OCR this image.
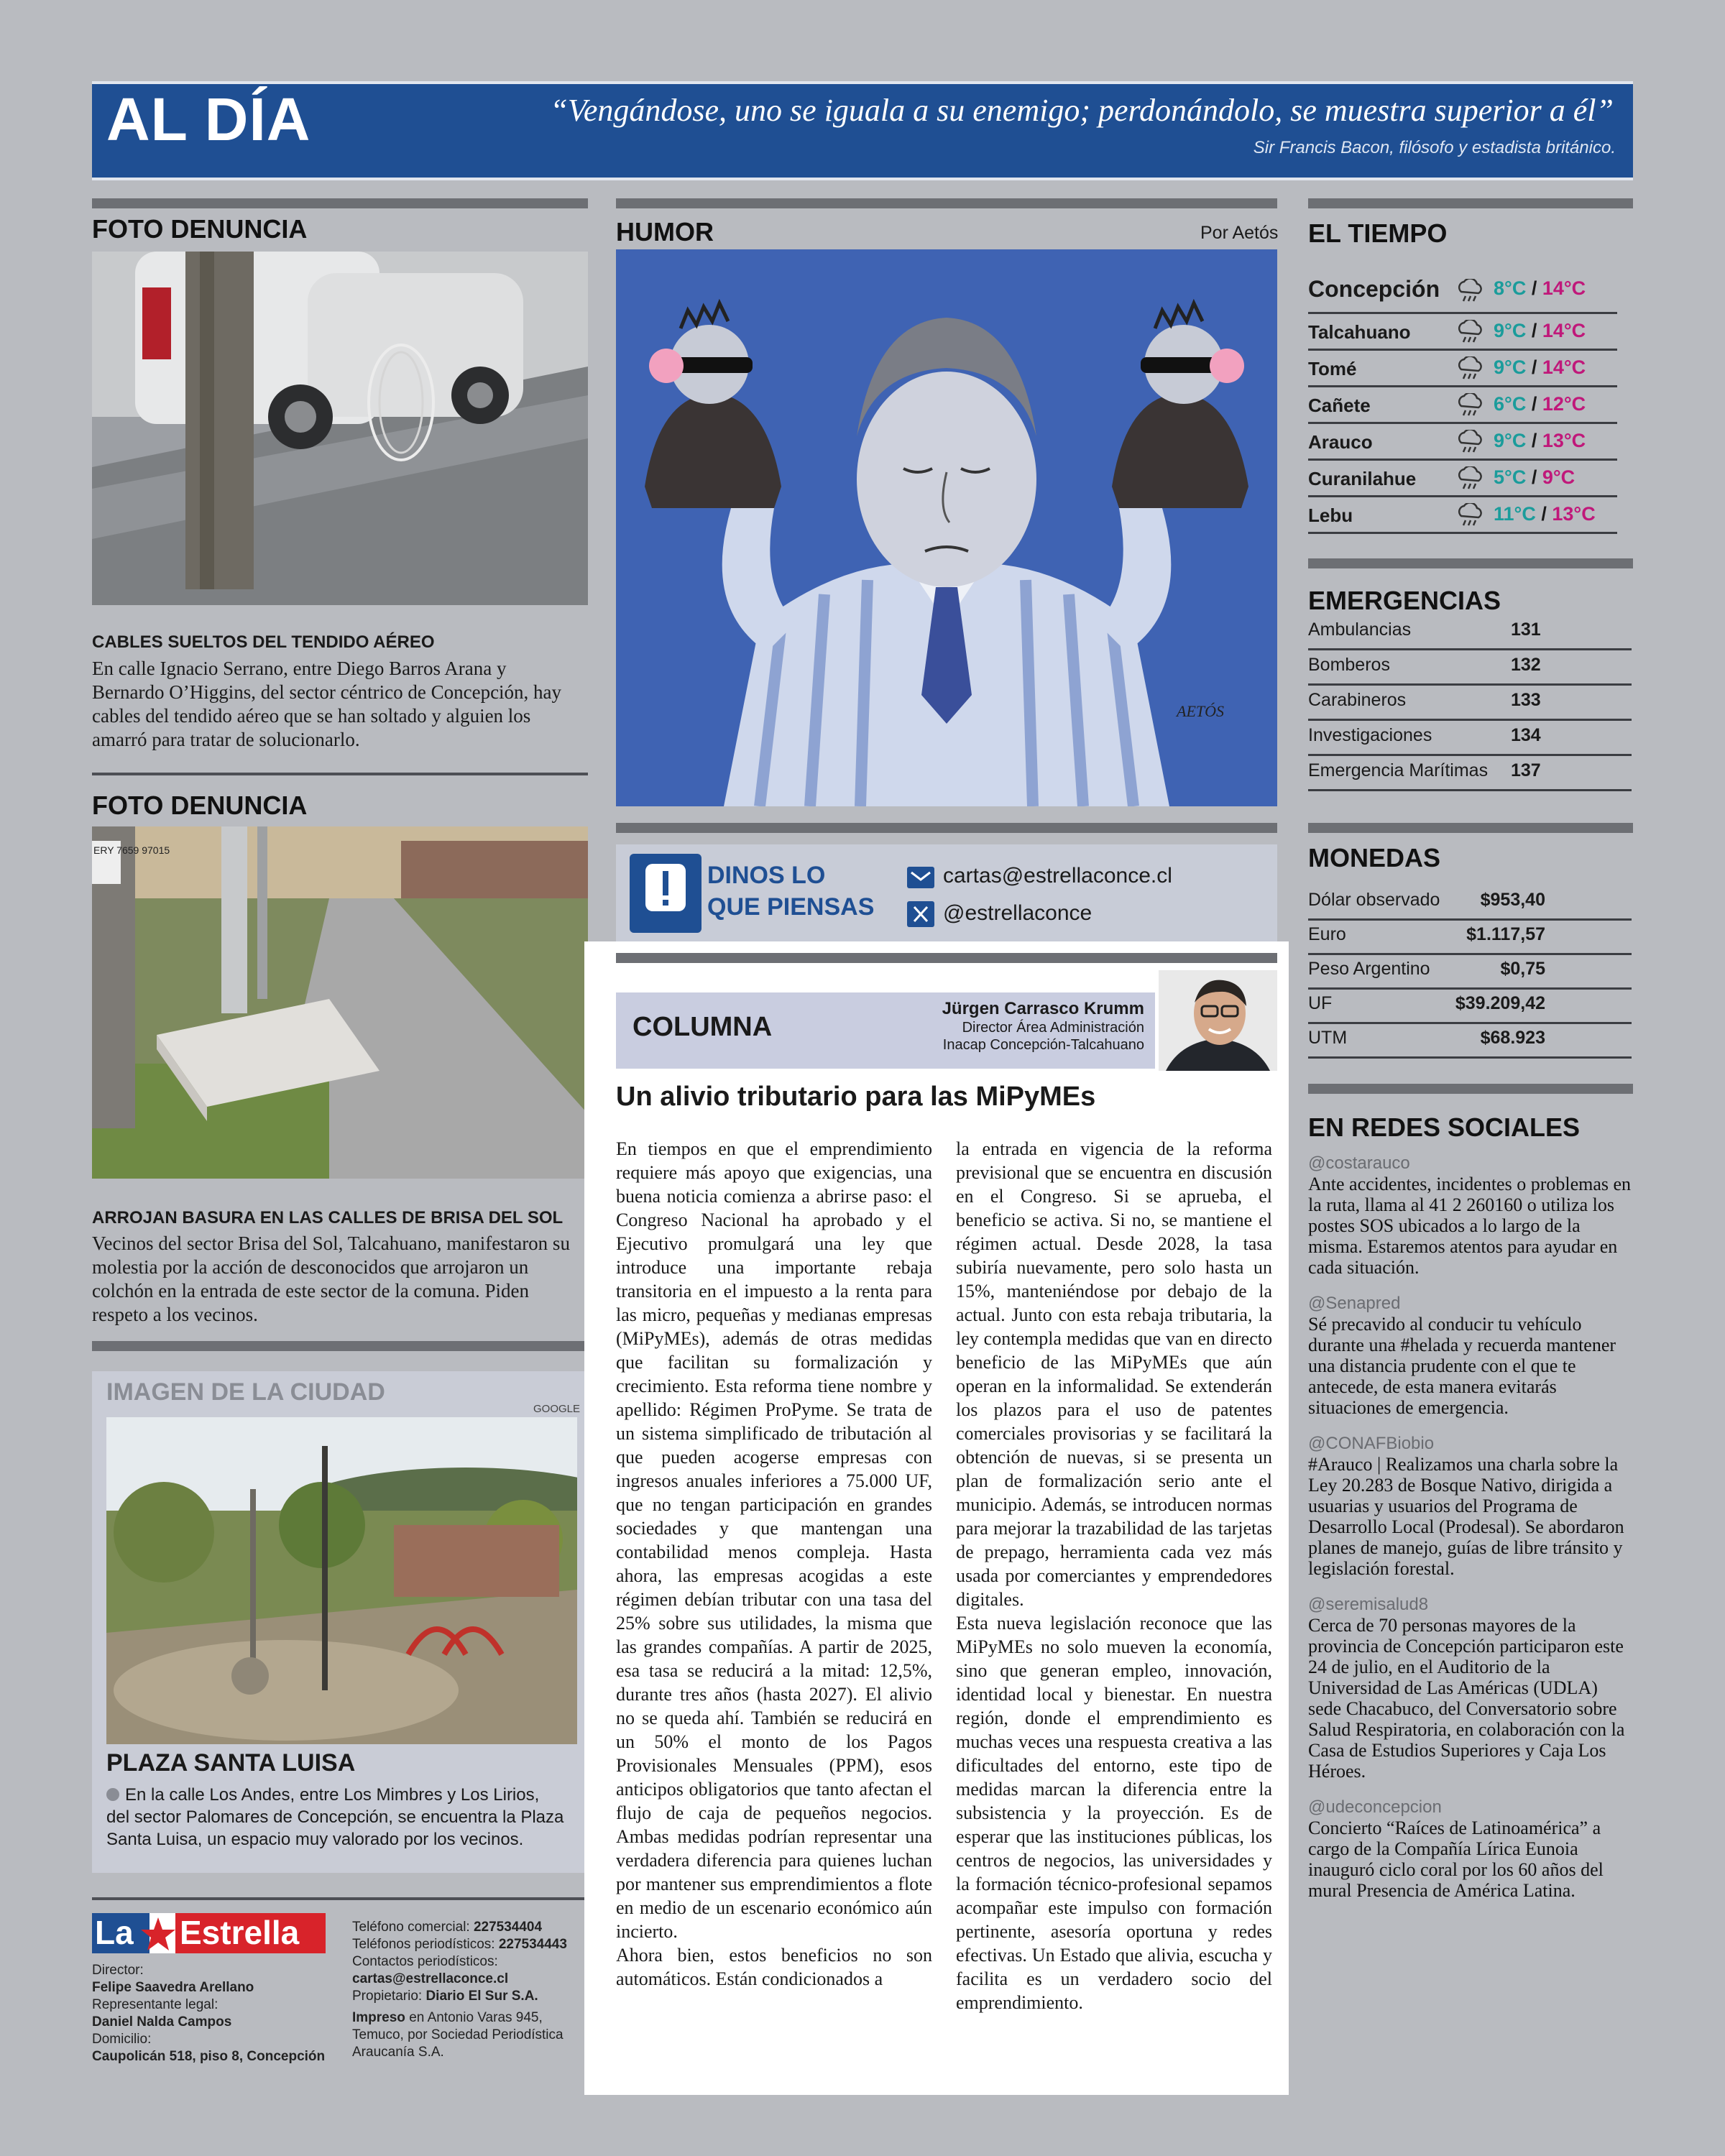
AL DÍA	“Vengándose, uno se iguala a su enemigo; perdonándolo, se muestra superior a él”
Sir Francis Bacon, filósofo y estadista británico.
FOTO DENUNCIA
CABLES SUELTOS DEL TENDIDO AÉREO
En calle Ignacio Serrano, entre Diego Barros Arana y Bernardo O’Higgins, del sector céntrico de Concepción, hay cables del tendido aéreo que se han soltado y alguien los amarró para tratar de solucionarlo.
FOTO DENUNCIA
ERY 7659 97015
ARROJAN BASURA EN LAS CALLES DE BRISA DEL SOL
Vecinos del sector Brisa del Sol, Talcahuano, manifestaron su molestia por la acción de desconocidos que arrojaron un colchón en la entrada de este sector de la comuna. Piden respeto a los vecinos.
IMAGEN DE LA CIUDAD
GOOGLE
PLAZA SANTA LUISA
En la calle Los Andes, entre Los Mimbres y Los Lirios, del sector Palomares de Concepción, se encuentra la Plaza Santa Luisa, un espacio muy valorado por los vecinos.
La Estrella
Director:
Felipe Saavedra Arellano
Representante legal:
Daniel Nalda Campos
Domicilio:
Caupolicán 518, piso 8, Concepción
Teléfono comercial: 227534404
Teléfonos periodísticos: 227534443
Contactos periodísticos:
cartas@estrellaconce.cl
Propietario: Diario El Sur S.A.
Impreso en Antonio Varas 945, Temuco, por Sociedad Periodística Araucanía S.A.
HUMOR	Por Aetós
AETÓS
DINOS LO
QUE PIENSAS
cartas@estrellaconce.cl
@estrellaconce
COLUMNA
Jürgen Carrasco Krumm
Director Área Administración
Inacap Concepción-Talcahuano
Un alivio tributario para las MiPyMEs
En tiempos en que el emprendimiento requiere más apoyo que exigencias, una buena noticia comienza a abrirse paso: el Congreso Nacional ha aprobado y el Ejecutivo promulgará una ley que introduce una importante rebaja transitoria en el impuesto a la renta para las micro, pequeñas y medianas empresas (MiPyMEs), además de otras medidas que facilitan su formalización y crecimiento. Esta reforma tiene nombre y apellido: Régimen ProPyme. Se trata de un sistema simplificado de tributación al que pueden acogerse empresas con ingresos anuales inferiores a 75.000 UF, que no tengan participación en grandes sociedades y que mantengan una contabilidad menos compleja. Hasta ahora, las empresas acogidas a este régimen debían tributar con una tasa del 25% sobre sus utilidades, la misma que las grandes compañías. A partir de 2025, esa tasa se reducirá a la mitad: 12,5%, durante tres años (hasta 2027). El alivio no se queda ahí. También se reducirá en un 50% el monto de los Pagos Provisionales Mensuales (PPM), esos anticipos obligatorios que tanto afectan el flujo de caja de pequeños negocios. Ambas medidas podrían representar una verdadera diferencia para quienes luchan por mantener sus emprendimientos a flote en medio de un escenario económico aún incierto.
Ahora bien, estos beneficios no son automáticos. Están condicionados a
la entrada en vigencia de la reforma previsional que se encuentra en discusión en el Congreso. Si se aprueba, el beneficio se activa. Si no, se mantiene el régimen actual. Desde 2028, la tasa subiría nuevamente, pero solo hasta un 15%, manteniéndose por debajo de la actual. Junto con esta rebaja tributaria, la ley contempla medidas que van en directo beneficio de las MiPyMEs que aún operan en la informalidad. Se extenderán los plazos para el uso de patentes comerciales provisorias y se facilitará la obtención de nuevas, si se presenta un plan de formalización serio ante el municipio. Además, se introducen normas para mejorar la trazabilidad de las tarjetas de prepago, herramienta cada vez más usada por comerciantes y emprendedores digitales.
Esta nueva legislación reconoce que las MiPyMEs no solo mueven la economía, sino que generan empleo, innovación, identidad local y bienestar. En nuestra región, donde el emprendimiento es muchas veces una respuesta creativa a las dificultades del entorno, este tipo de medidas marcan la diferencia entre la subsistencia y la proyección. Es de esperar que las instituciones públicas, los centros de negocios, las universidades y la formación técnico-profesional sepamos acompañar este impulso con formación pertinente, asesoría oportuna y redes efectivas. Un Estado que alivia, escucha y facilita es un verdadero socio del emprendimiento.
EL TIEMPO
Concepción	8°C / 14°C
Talcahuano	9°C / 14°C
Tomé	9°C / 14°C
Cañete	6°C / 12°C
Arauco	9°C / 13°C
Curanilahue	5°C / 9°C
Lebu	11°C / 13°C
EMERGENCIAS
Ambulancias	131
Bomberos	132
Carabineros	133
Investigaciones	134
Emergencia Marítimas 137
MONEDAS
Dólar observado $953,40
Euro	$1.117,57
Peso Argentino	$0,75
UF	$39.209,42
UTM	$68.923
EN REDES SOCIALES
@costarauco
Ante accidentes, incidentes o problemas en la ruta, llama al 41 2 260160 o utiliza los postes SOS ubicados a lo largo de la misma. Estaremos atentos para ayudar en cada situación.
@Senapred
Sé precavido al conducir tu vehículo durante una #helada y recuerda mantener una distancia prudente con el que te antecede, de esta manera evitarás situaciones de emergencia.
@CONAFBiobio
#Arauco | Realizamos una charla sobre la Ley 20.283 de Bosque Nativo, dirigida a usuarias y usuarios del Programa de Desarrollo Local (Prodesal). Se abordaron planes de manejo, guías de libre tránsito y legislación forestal.
@seremisalud8
Cerca de 70 personas mayores de la provincia de Concepción participaron este 24 de julio, en el Auditorio de la Universidad de Las Américas (UDLA) sede Chacabuco, del Conversatorio sobre Salud Respiratoria, en colaboración con la Casa de Estudios Superiores y Caja Los Héroes.
@udeconcepcion
Concierto “Raíces de Latinoamérica” a cargo de la Compañía Lírica Eunoia inauguró ciclo coral por los 60 años del mural Presencia de América Latina.
